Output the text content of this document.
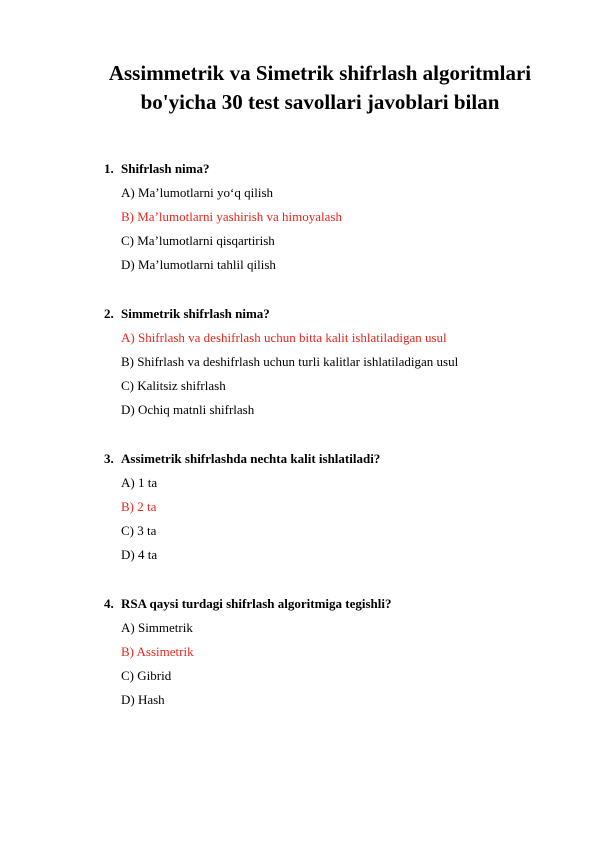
Assimmetrik va Simetrik shifrlash algoritmlari
bo'yicha 30 test savollari javoblari bilan

1. Shifrlash nima?

A) Ma’lumotlarni yo‘q qilish
B) Ma’lumotlarni yashirish va himoyalash
C) Ma’lumotlarni qisqartirish
D) Ma’lumotlarni tahlil qilish

2. Simmetrik shifrlash nima?

A) Shifrlash va deshifrlash uchun bitta kalit ishlatiladigan usul
B) Shifrlash va deshifrlash uchun turli kalitlar ishlatiladigan usul
C) Kalitsiz shifrlash
D) Ochiq matnli shifrlash

3. Assimetrik shifrlashda nechta kalit ishlatiladi?

A) 1 ta
B) 2 ta
C) 3 ta
D) 4 ta

4. RSA qaysi turdagi shifrlash algoritmiga tegishli?

A) Simmetrik
B) Assimetrik
C) Gibrid
D) Hash
